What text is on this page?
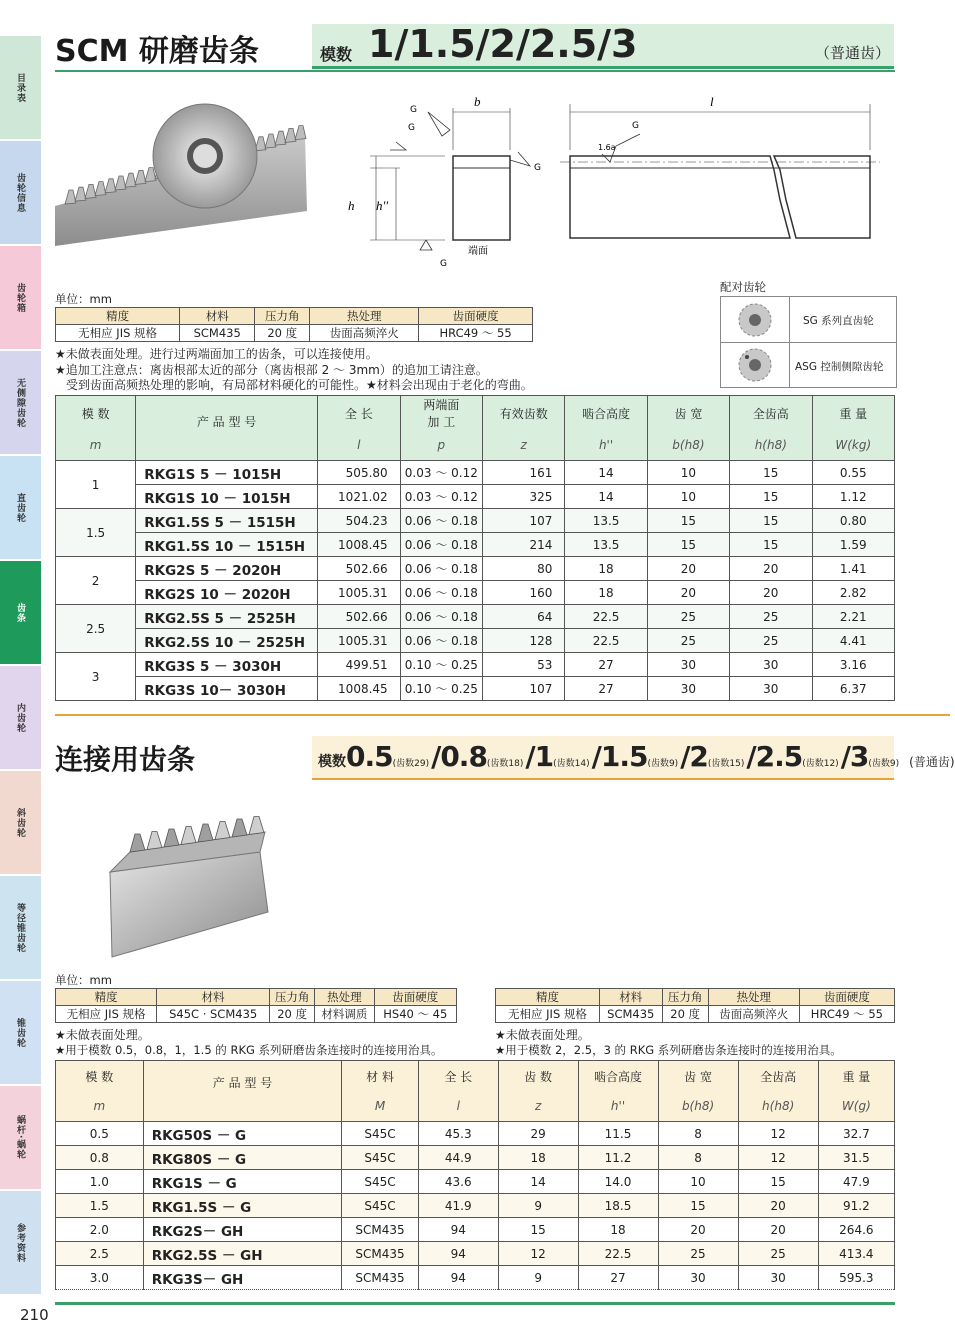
目录表
齿轮信息
齿轮箱
无侧隙齿轮
直齿轮
齿条
内齿轮
斜齿轮
等径锥齿轮
锥齿轮
蜗杆·蜗轮
参考资料
SCM 研磨齿条	模数 1/1.5/2/2.5/3	（普通齿）
b
h h''
G
G
G
G
端面
l
1.6a
G
配对齿轮
SG 系列直齿轮
ASG 控制侧隙齿轮
单位：mm
精度	材料	压力角	热处理	齿面硬度
无相应 JIS 规格	SCM435	20 度	齿面高频淬火	HRC49 ～ 55
★未做表面处理。进行过两端面加工的齿条，可以连接使用。
★追加工注意点：离齿根部太近的部分（离齿根部 2 ～ 3mm）的追加工请注意。
受到齿面高频热处理的影响，有局部材料硬化的可能性。★材料会出现由于老化的弯曲。
模 数	产 品 型 号	全 长	两端面
加 工	有效齿数	啮合高度	齿 宽	全齿高	重 量
m		l	p	z	h''	b(h8)	h(h8)	W(kg)
1	RKG1S 5 － 1015H	505.80	0.03 ～ 0.12	161	14	10	15	0.55
	RKG1S 10 － 1015H	1021.02	0.03 ～ 0.12	325	14	10	15	1.12
1.5	RKG1.5S 5 － 1515H	504.23	0.06 ～ 0.18	107	13.5	15	15	0.80
	RKG1.5S 10 － 1515H	1008.45	0.06 ～ 0.18	214	13.5	15	15	1.59
2	RKG2S 5 － 2020H	502.66	0.06 ～ 0.18	80	18	20	20	1.41
	RKG2S 10 － 2020H	1005.31	0.06 ～ 0.18	160	18	20	20	2.82
2.5	RKG2.5S 5 － 2525H	502.66	0.06 ～ 0.18	64	22.5	25	25	2.21
	RKG2.5S 10 － 2525H	1005.31	0.06 ～ 0.18	128	22.5	25	25	4.41
3	RKG3S 5 － 3030H	499.51	0.10 ～ 0.25	53	27	30	30	3.16
	RKG3S 10－ 3030H	1008.45	0.10 ～ 0.25	107	27	30	30	6.37
连接用齿条	模数0.5(齿数29)/0.8(齿数18)/1(齿数14)/1.5(齿数9)/2(齿数15)/2.5(齿数12)/3(齿数9) (普通齿)
单位：mm
精度	材料	压力角	热处理	齿面硬度
无相应 JIS 规格	S45C · SCM435	20 度	材料调质	HS40 ～ 45
精度	材料	压力角	热处理	齿面硬度
无相应 JIS 规格	SCM435	20 度	齿面高频淬火	HRC49 ～ 55
★未做表面处理。
★用于模数 0.5，0.8，1，1.5 的 RKG 系列研磨齿条连接时的连接用治具。
★未做表面处理。
★用于模数 2，2.5，3 的 RKG 系列研磨齿条连接时的连接用治具。
模 数	产 品 型 号	材 料	全 长	齿 数	啮合高度	齿 宽	全齿高	重 量
m		M	l	z	h''	b(h8)	h(h8)	W(g)
0.5	RKG50S － G	S45C	45.3	29	11.5	8	12	32.7
0.8	RKG80S － G	S45C	44.9	18	11.2	8	12	31.5
1.0	RKG1S － G	S45C	43.6	14	14.0	10	15	47.9
1.5	RKG1.5S － G	S45C	41.9	9	18.5	15	20	91.2
2.0	RKG2S－ GH	SCM435	94	15	18	20	20	264.6
2.5	RKG2.5S － GH	SCM435	94	12	22.5	25	25	413.4
3.0	RKG3S－ GH	SCM435	94	9	27	30	30	595.3
210
